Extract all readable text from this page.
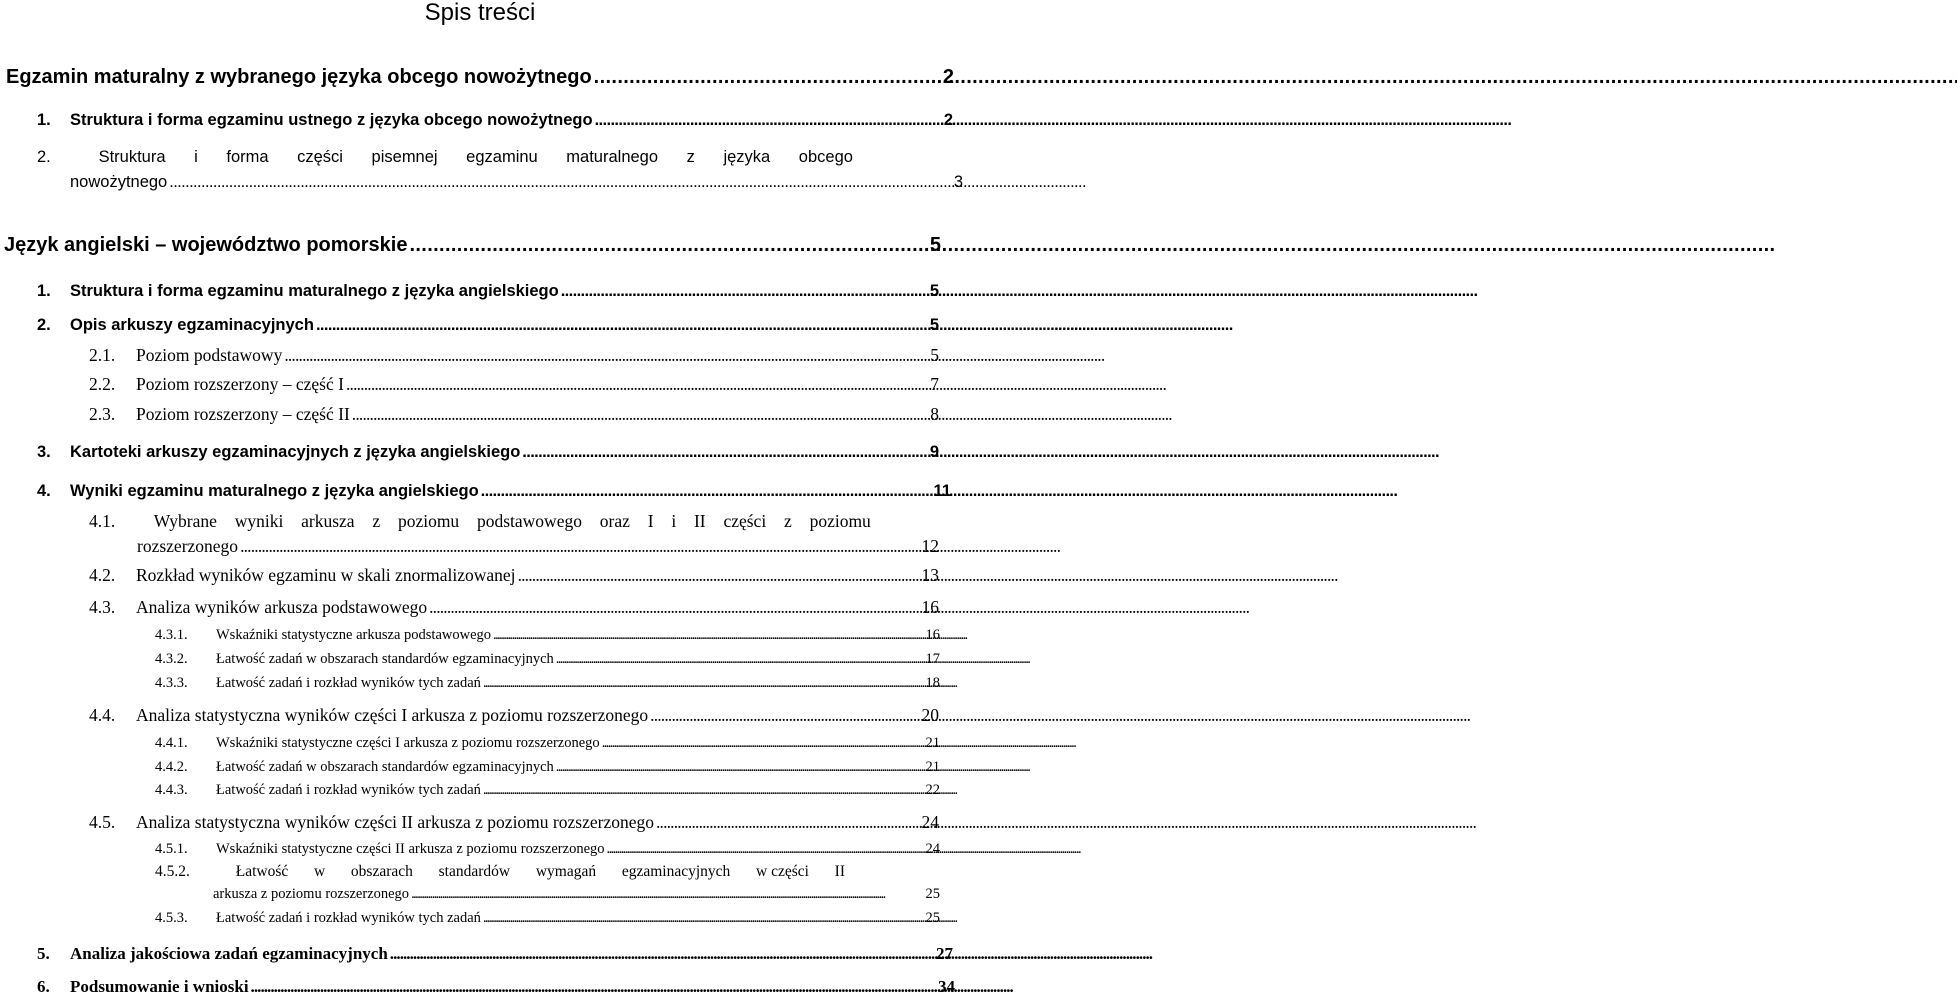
Spis treści
Egzamin maturalny z wybranego języka obcego nowożytnego . . .	2
1.	Struktura i forma egzaminu ustnego z języka obcego nowożytnego . . .	2
2.	Struktura i forma części pisemnej egzaminu maturalnego z języka obcego
nowożytnego . . .	3
Język angielski – województwo pomorskie . . .	5
1.	Struktura i forma egzaminu maturalnego z języka angielskiego . . .	5
2.	Opis arkuszy egzaminacyjnych . . .	5
2.1.	Poziom podstawowy . . .	5
2.2.	Poziom rozszerzony – część I . . .	7
2.3.	Poziom rozszerzony – część II . . .	8
3.	Kartoteki arkuszy egzaminacyjnych z języka angielskiego . . .	9
4.	Wyniki egzaminu maturalnego z języka angielskiego . . .	11
4.1.	Wybrane wyniki arkusza z poziomu podstawowego oraz I i II części z poziomu
rozszerzonego . . .	12
4.2.	Rozkład wyników egzaminu w skali znormalizowanej . . .	13
4.3.	Analiza wyników arkusza podstawowego . . .	16
4.3.1.	Wskaźniki statystyczne arkusza podstawowego . . .	16
4.3.2.	Łatwość zadań w obszarach standardów egzaminacyjnych . . .	17
4.3.3.	Łatwość zadań i rozkład wyników tych zadań . . .	18
4.4.	Analiza statystyczna wyników części I arkusza z poziomu rozszerzonego . . .	20
4.4.1.	Wskaźniki statystyczne części I arkusza z poziomu rozszerzonego . . .	21
4.4.2.	Łatwość zadań w obszarach standardów egzaminacyjnych . . .	21
4.4.3.	Łatwość zadań i rozkład wyników tych zadań . . .	22
4.5.	Analiza statystyczna wyników części II arkusza z poziomu rozszerzonego . . .	24
4.5.1.	Wskaźniki statystyczne części II arkusza z poziomu rozszerzonego . . .	24
4.5.2.	Łatwość w obszarach standardów wymagań egzaminacyjnych w części II
arkusza z poziomu rozszerzonego . . .	25
4.5.3.	Łatwość zadań i rozkład wyników tych zadań . . .	25
5.	Analiza jakościowa zadań egzaminacyjnych . . .	27
6.	Podsumowanie i wnioski . . .	34
